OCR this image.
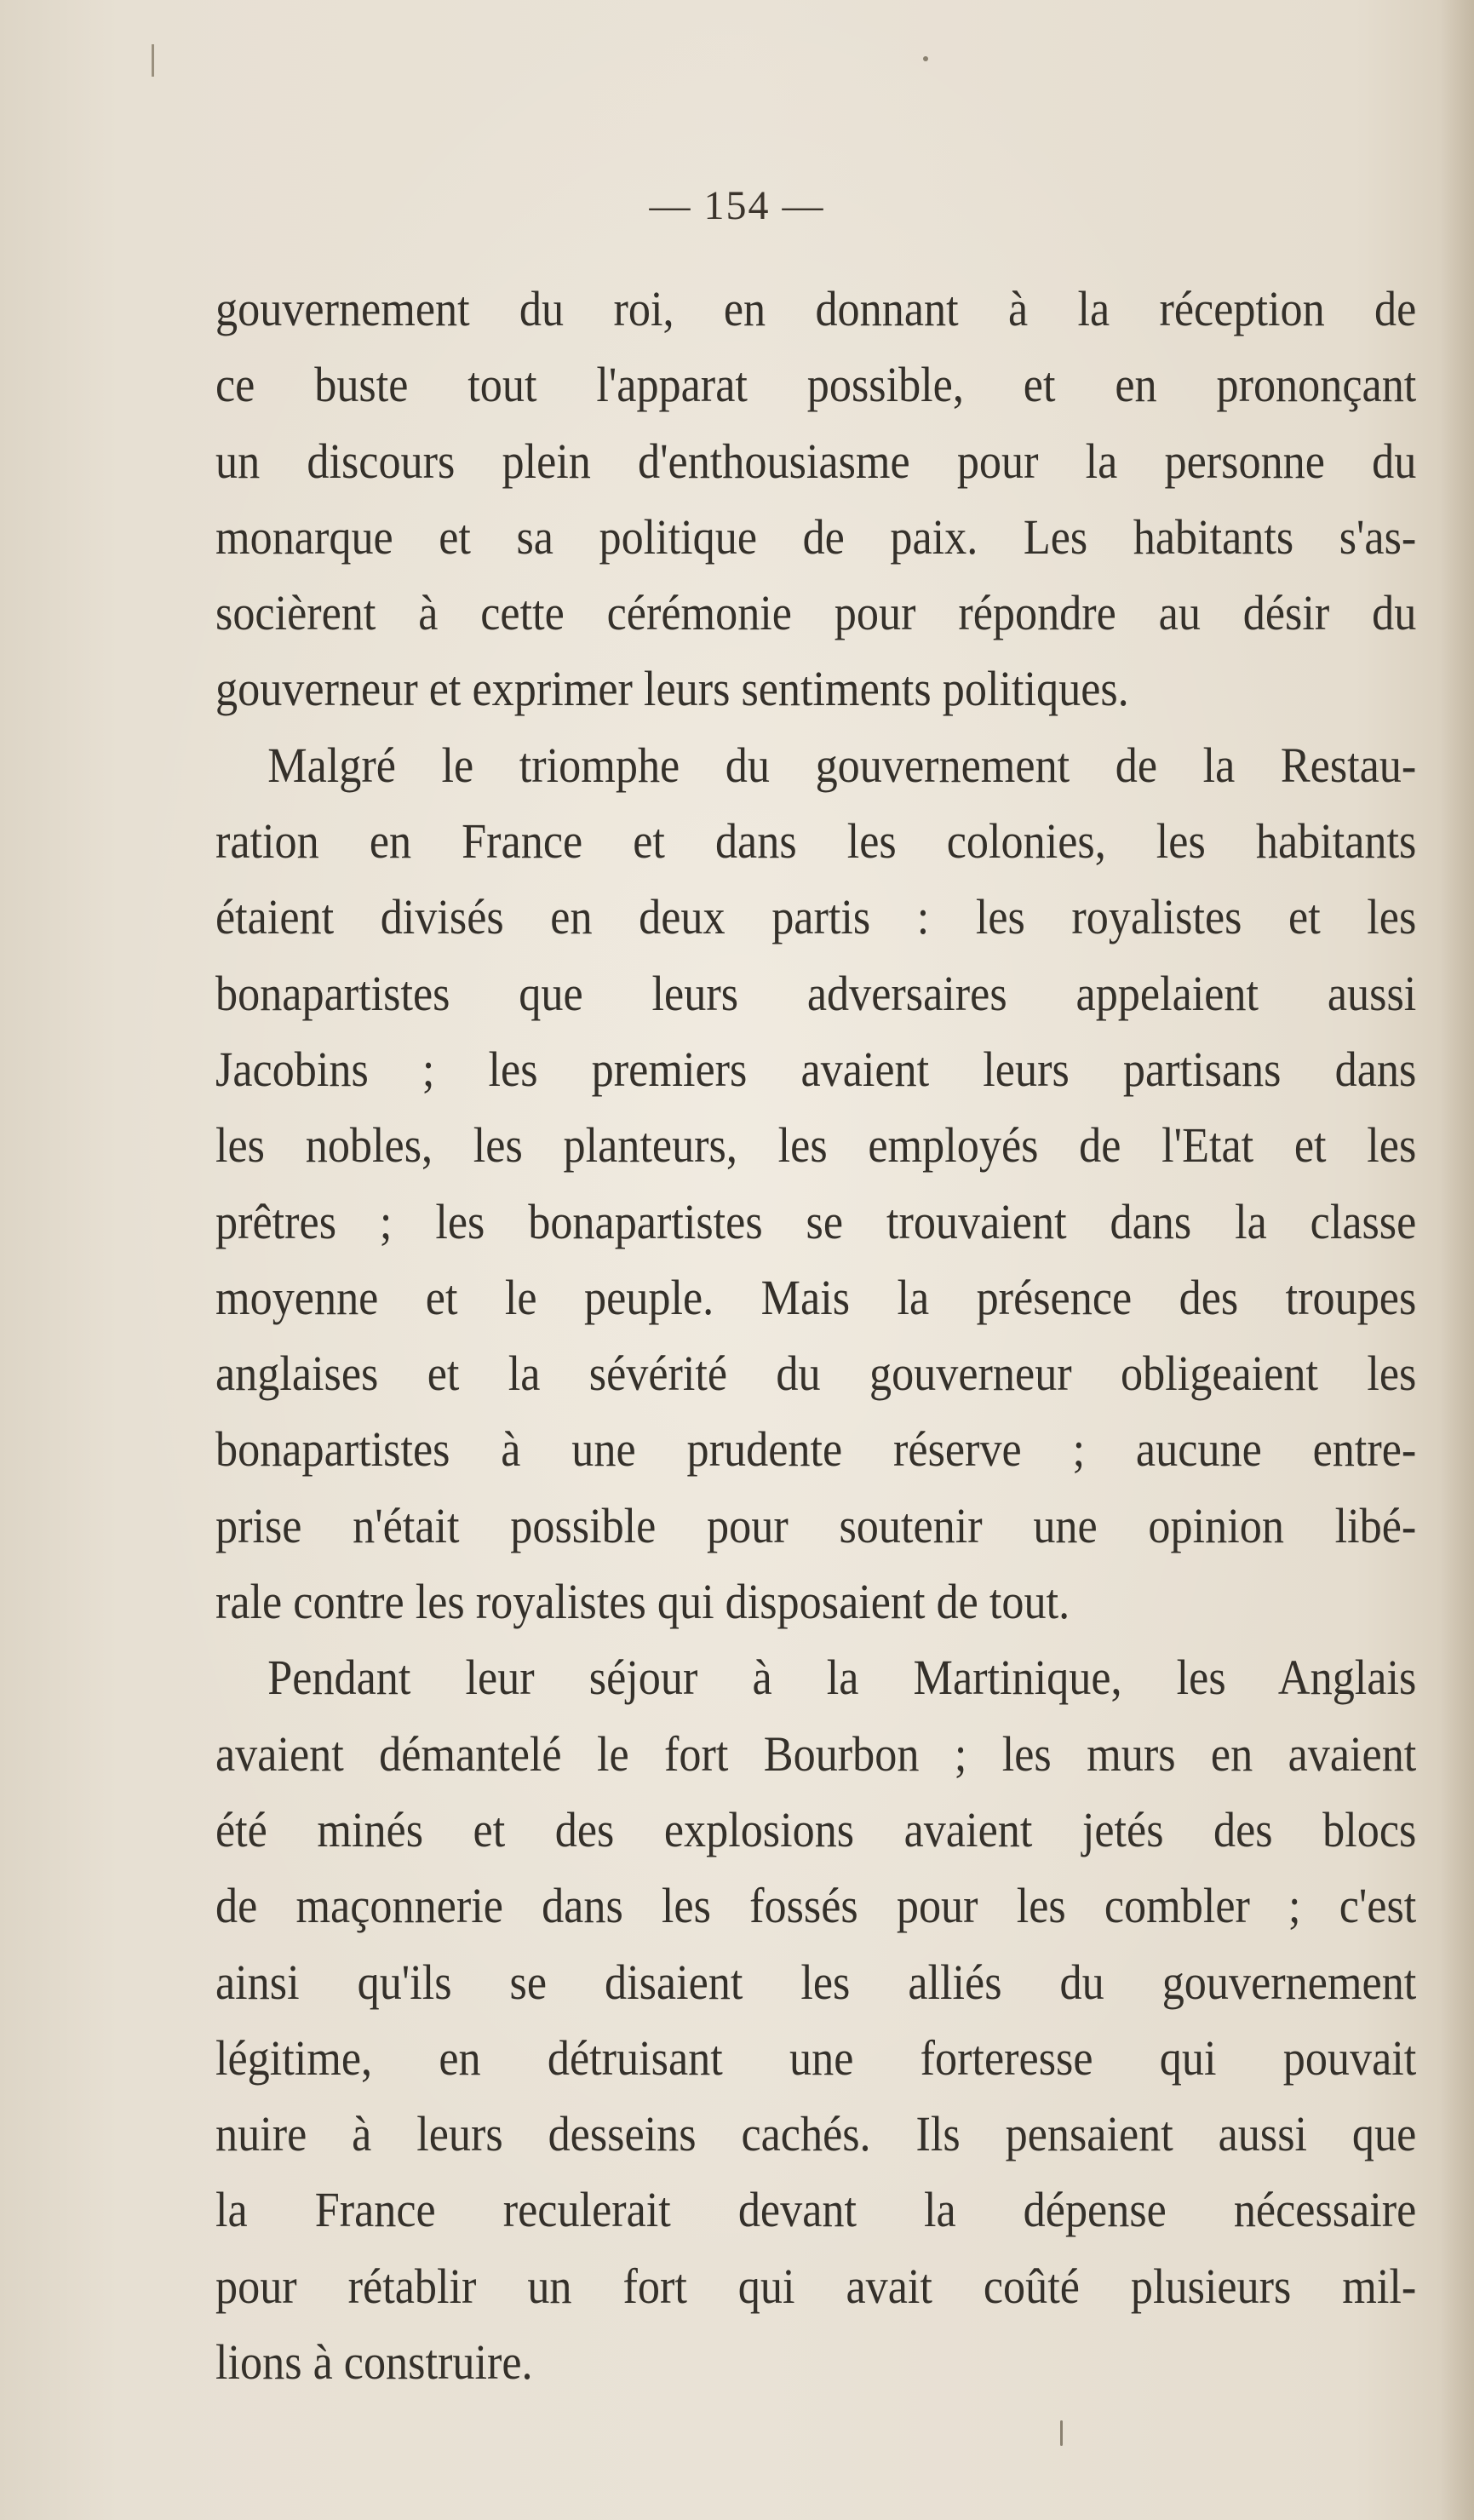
— 154 —
gouvernement du roi, en donnant à la réception de
ce buste tout l'apparat possible, et en prononçant
un discours plein d'enthousiasme pour la personne du
monarque et sa politique de paix. Les habitants s'as-
socièrent à cette cérémonie pour répondre au désir du
gouverneur et exprimer leurs sentiments politiques.
Malgré le triomphe du gouvernement de la Restau-
ration en France et dans les colonies, les habitants
étaient divisés en deux partis : les royalistes et les
bonapartistes que leurs adversaires appelaient aussi
Jacobins ; les premiers avaient leurs partisans dans
les nobles, les planteurs, les employés de l'Etat et les
prêtres ; les bonapartistes se trouvaient dans la classe
moyenne et le peuple. Mais la présence des troupes
anglaises et la sévérité du gouverneur obligeaient les
bonapartistes à une prudente réserve ; aucune entre-
prise n'était possible pour soutenir une opinion libé-
rale contre les royalistes qui disposaient de tout.
Pendant leur séjour à la Martinique, les Anglais
avaient démantelé le fort Bourbon ; les murs en avaient
été minés et des explosions avaient jetés des blocs
de maçonnerie dans les fossés pour les combler ; c'est
ainsi qu'ils se disaient les alliés du gouvernement
légitime, en détruisant une forteresse qui pouvait
nuire à leurs desseins cachés. Ils pensaient aussi que
la France reculerait devant la dépense nécessaire
pour rétablir un fort qui avait coûté plusieurs mil-
lions à construire.
